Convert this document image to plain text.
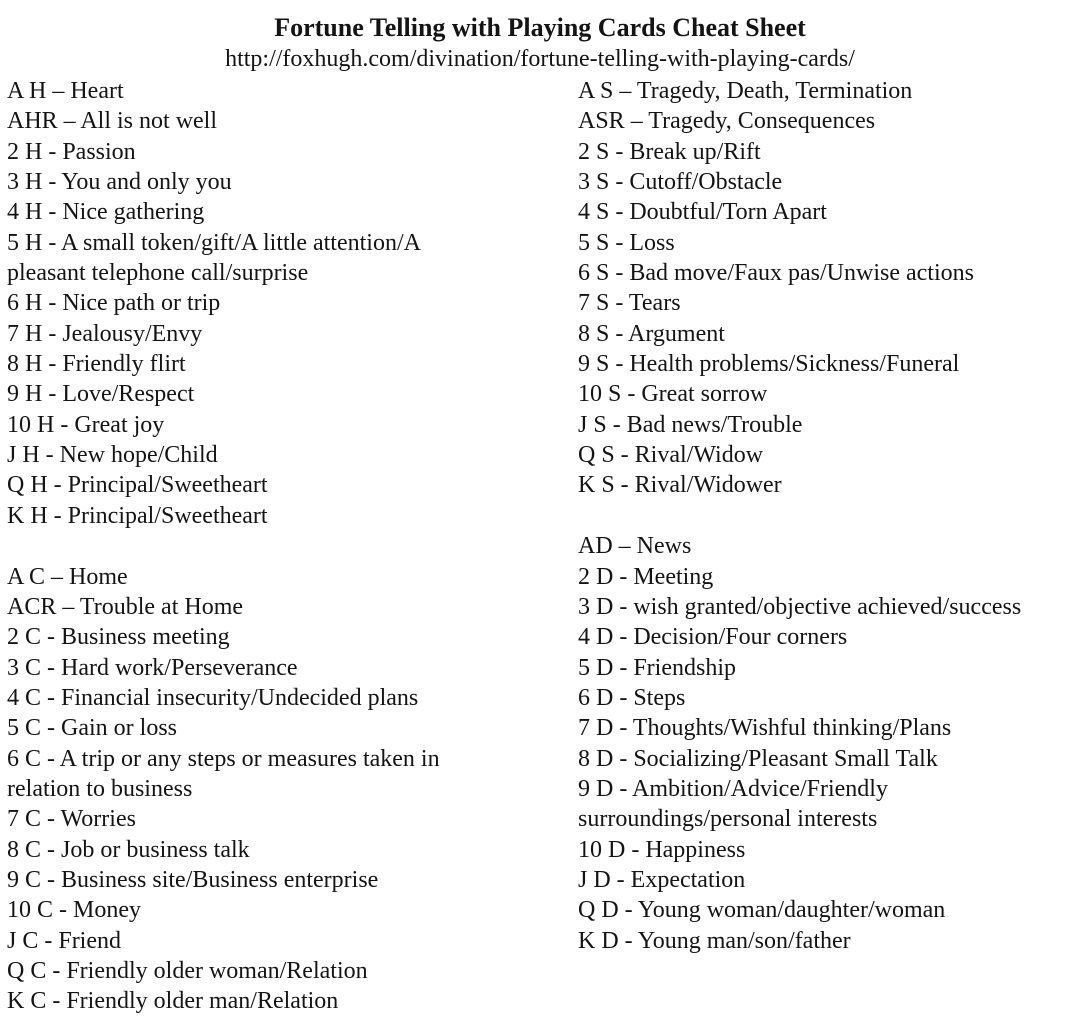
Fortune Telling with Playing Cards Cheat Sheet
http://foxhugh.com/divination/fortune-telling-with-playing-cards/
A H – Heart
AHR – All is not well
2 H - Passion
3 H - You and only you
4 H - Nice gathering
5 H - A small token/gift/A little attention/A
pleasant telephone call/surprise
6 H - Nice path or trip
7 H - Jealousy/Envy
8 H - Friendly flirt
9 H - Love/Respect
10 H - Great joy
J H - New hope/Child
Q H - Principal/Sweetheart
K H - Principal/Sweetheart
A C – Home
ACR – Trouble at Home
2 C - Business meeting
3 C - Hard work/Perseverance
4 C - Financial insecurity/Undecided plans
5 C - Gain or loss
6 C - A trip or any steps or measures taken in
relation to business
7 C - Worries
8 C - Job or business talk
9 C - Business site/Business enterprise
10 C - Money
J C - Friend
Q C - Friendly older woman/Relation
K C - Friendly older man/Relation
A S – Tragedy, Death, Termination
ASR – Tragedy, Consequences
2 S - Break up/Rift
3 S - Cutoff/Obstacle
4 S - Doubtful/Torn Apart
5 S - Loss
6 S - Bad move/Faux pas/Unwise actions
7 S - Tears
8 S - Argument
9 S - Health problems/Sickness/Funeral
10 S - Great sorrow
J S - Bad news/Trouble
Q S - Rival/Widow
K S - Rival/Widower
AD – News
2 D - Meeting
3 D - wish granted/objective achieved/success
4 D - Decision/Four corners
5 D - Friendship
6 D - Steps
7 D - Thoughts/Wishful thinking/Plans
8 D - Socializing/Pleasant Small Talk
9 D - Ambition/Advice/Friendly
surroundings/personal interests
10 D - Happiness
J D - Expectation
Q D - Young woman/daughter/woman
K D - Young man/son/father
